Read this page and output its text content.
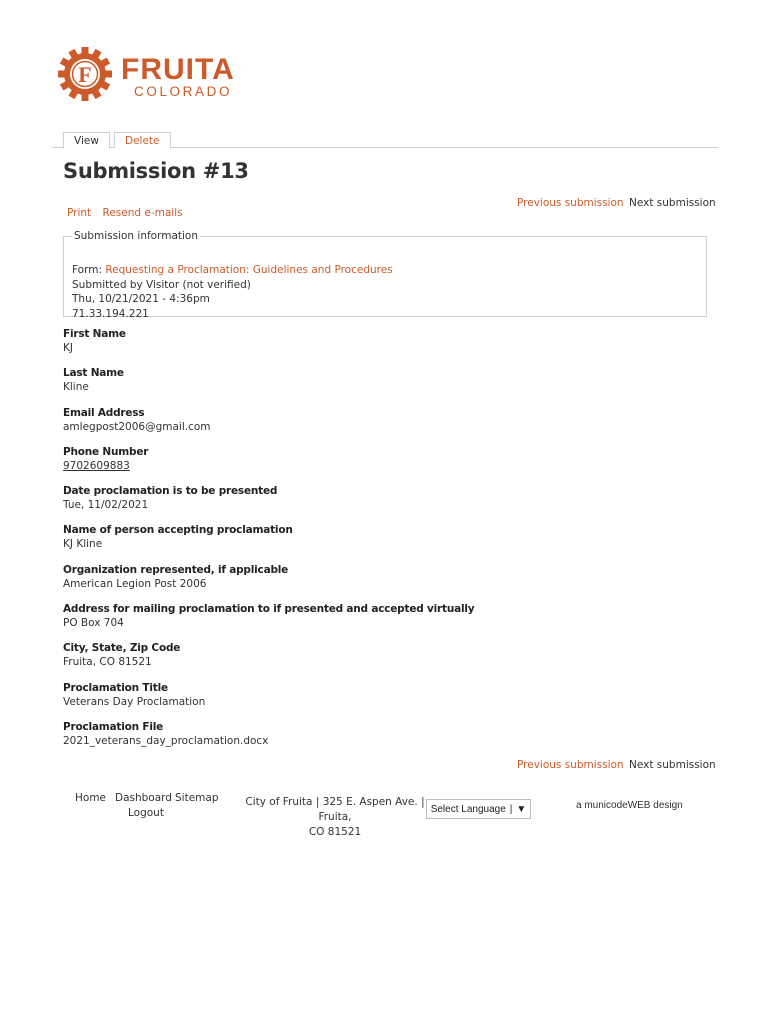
F FRUITA
COLORADO
View	Delete
Submission #13
Previous submission Next submission
Print Resend e-mails
Submission information
Form: Requesting a Proclamation: Guidelines and Procedures
Submitted by Visitor (not verified)
Thu, 10/21/2021 - 4:36pm
71.33.194.221
First Name
KJ
Last Name
Kline
Email Address
amlegpost2006@gmail.com
Phone Number
9702609883
Date proclamation is to be presented
Tue, 11/02/2021
Name of person accepting proclamation
KJ Kline
Organization represented, if applicable
American Legion Post 2006
Address for mailing proclamation to if presented and accepted virtually
PO Box 704
City, State, Zip Code
Fruita, CO 81521
Proclamation Title
Veterans Day Proclamation
Proclamation File
2021_veterans_day_proclamation.docx
Previous submission Next submission
Home Dashboard
Logout
Sitemap	City of Fruita | 325 E. Aspen Ave. | Fruita,
CO 81521
Select Language | ▼	a municodeWEB design
